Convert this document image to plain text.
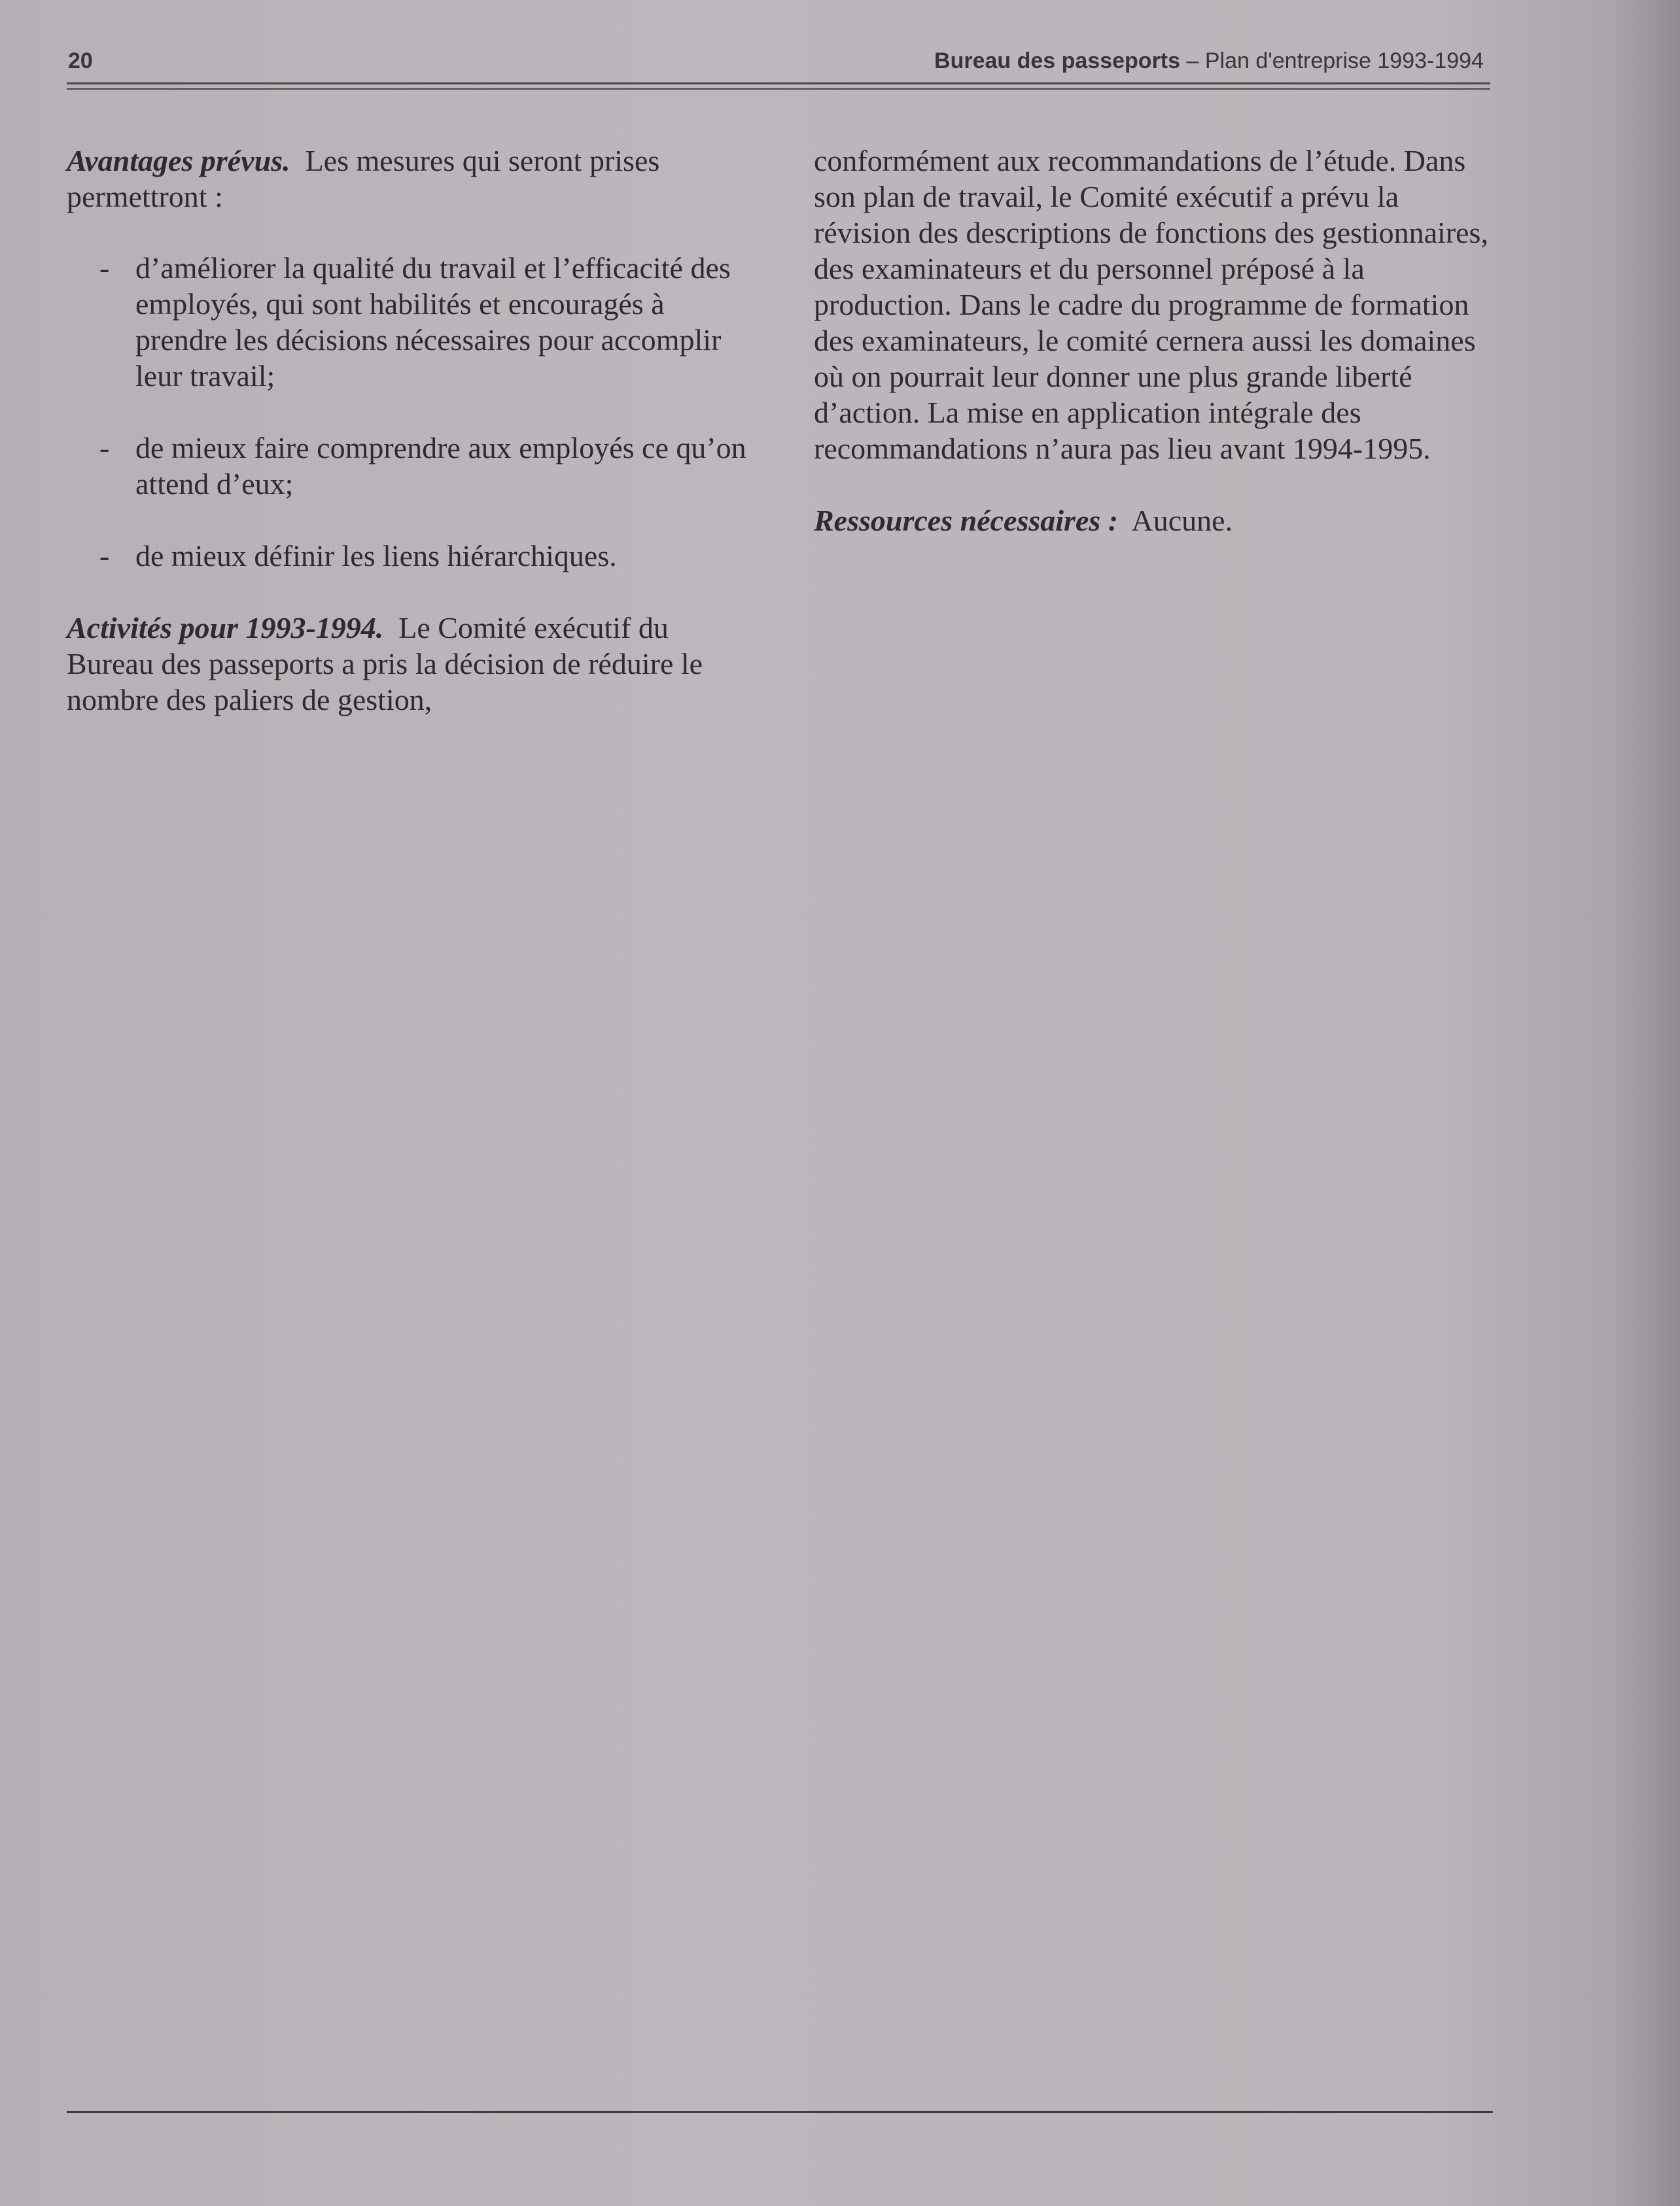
20	Bureau des passeports – Plan d'entreprise 1993-1994

Avantages prévus. Les mesures qui seront prises permettront :

- d’améliorer la qualité du travail et l’efficacité des employés, qui sont habilités et encouragés à prendre les décisions nécessaires pour accomplir leur travail;
- de mieux faire comprendre aux employés ce qu’on attend d’eux;
- de mieux définir les liens hiérarchiques.

Activités pour 1993-1994. Le Comité exécutif du Bureau des passeports a pris la décision de réduire le nombre des paliers de gestion,

conformément aux recommandations de l’étude. Dans son plan de travail, le Comité exécutif a prévu la révision des descriptions de fonctions des gestionnaires, des examinateurs et du personnel préposé à la production. Dans le cadre du programme de formation des examinateurs, le comité cernera aussi les domaines où on pourrait leur donner une plus grande liberté d’action. La mise en application intégrale des recommandations n’aura pas lieu avant 1994-1995.

Ressources nécessaires : Aucune.
